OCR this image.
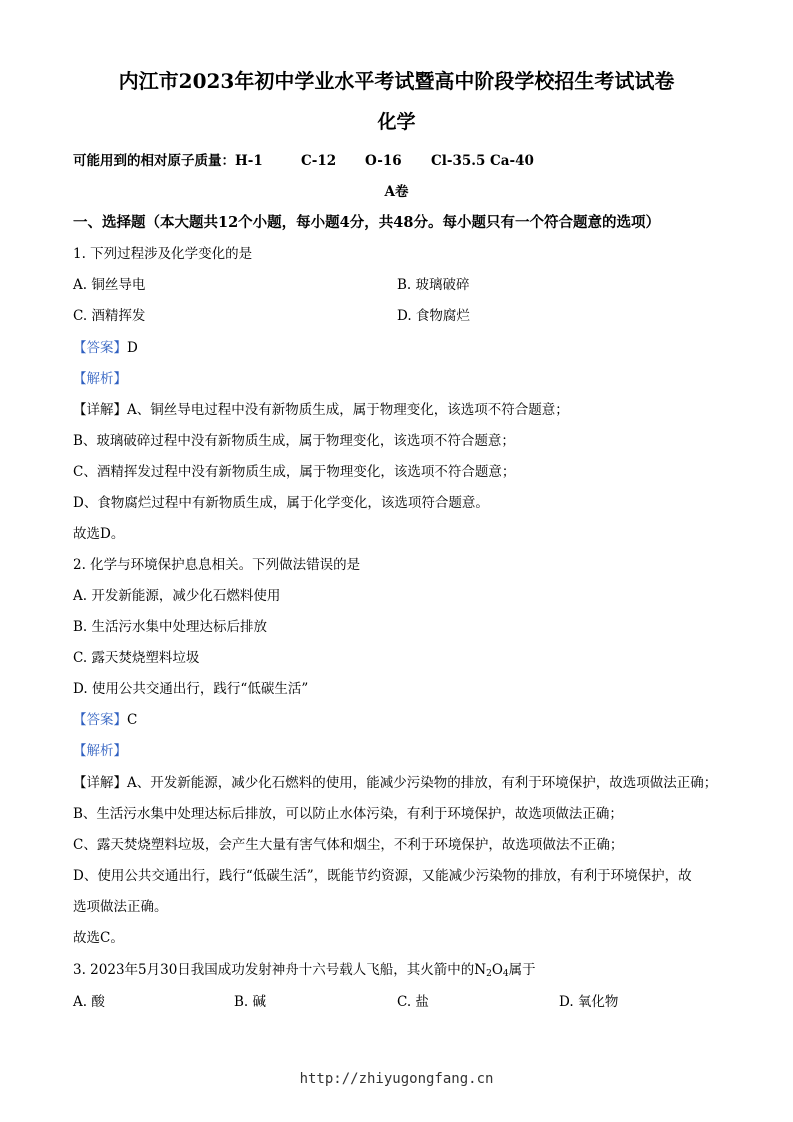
内江市2023年初中学业水平考试暨高中阶段学校招生考试试卷
化学
可能用到的相对原子质量：H-1	C-12 O-16 Cl-35.5 Ca-40
A卷
一、选择题（本大题共12个小题，每小题4分，共48分。每小题只有一个符合题意的选项）
1. 下列过程涉及化学变化的是
A. 铜丝导电	B. 玻璃破碎
C. 酒精挥发	D. 食物腐烂
【答案】D
【解析】
【详解】A、铜丝导电过程中没有新物质生成，属于物理变化，该选项不符合题意；
B、玻璃破碎过程中没有新物质生成，属于物理变化，该选项不符合题意；
C、酒精挥发过程中没有新物质生成，属于物理变化，该选项不符合题意；
D、食物腐烂过程中有新物质生成，属于化学变化，该选项符合题意。
故选D。
2. 化学与环境保护息息相关。下列做法错误的是
A. 开发新能源，减少化石燃料使用
B. 生活污水集中处理达标后排放
C. 露天焚烧塑料垃圾
D. 使用公共交通出行，践行“低碳生活”
【答案】C
【解析】
【详解】A、开发新能源，减少化石燃料的使用，能减少污染物的排放，有利于环境保护，故选项做法正确；
B、生活污水集中处理达标后排放，可以防止水体污染，有利于环境保护，故选项做法正确；
C、露天焚烧塑料垃圾，会产生大量有害气体和烟尘，不利于环境保护，故选项做法不正确；
D、使用公共交通出行，践行“低碳生活”，既能节约资源，又能减少污染物的排放，有利于环境保护，故
选项做法正确。
故选C。
3. 2023年5月30日我国成功发射神舟十六号载人飞船，其火箭中的$N_2O_4$属于
A. 酸	B. 碱	C. 盐	D. 氧化物
http://zhiyugongfang.cn
